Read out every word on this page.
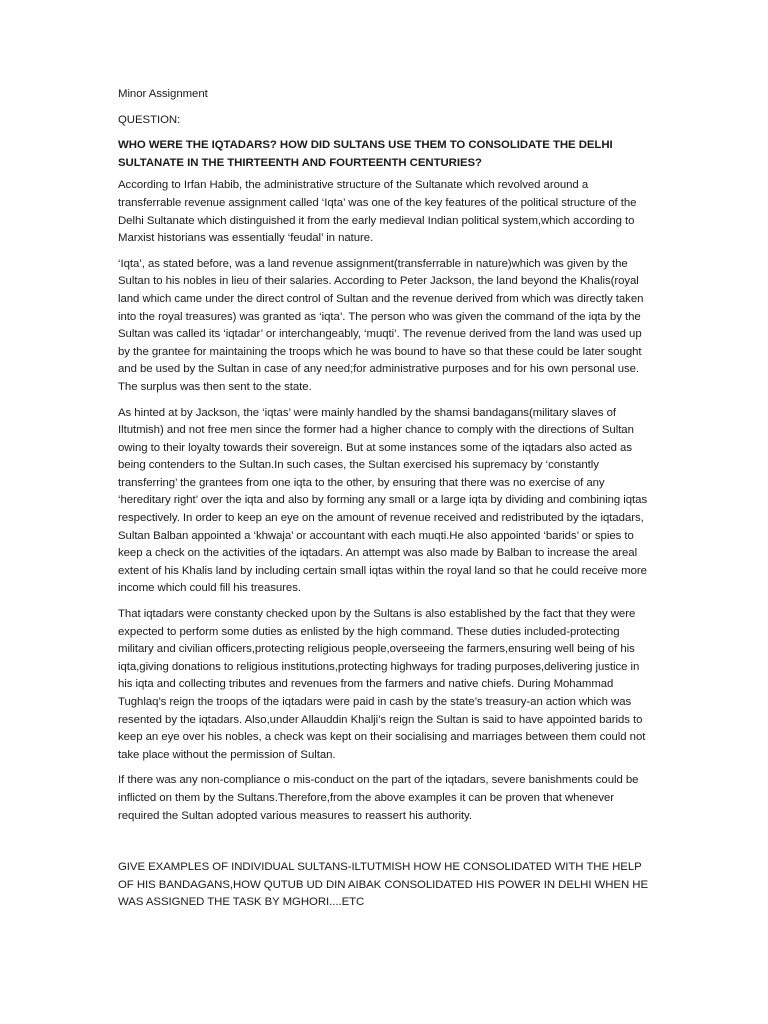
Minor Assignment

QUESTION:

WHO WERE THE IQTADARS? HOW DID SULTANS USE THEM TO CONSOLIDATE THE DELHI SULTANATE IN THE THIRTEENTH AND FOURTEENTH CENTURIES?

According to Irfan Habib, the administrative structure of the Sultanate which revolved around a transferrable revenue assignment called ‘Iqta’ was one of the key features of the political structure of the Delhi Sultanate which distinguished it from the early medieval Indian political system,which according to Marxist historians was essentially ‘feudal’ in nature.

‘Iqta’, as stated before, was a land revenue assignment(transferrable in nature)which was given by the Sultan to his nobles in lieu of their salaries. According to Peter Jackson, the land beyond the Khalis(royal land which came under the direct control of Sultan and the revenue derived from which was directly taken into the royal treasures) was granted as ‘iqta’. The person who was given the command of the iqta by the Sultan was called its ‘iqtadar’ or interchangeably, ‘muqti’. The revenue derived from the land was used up by the grantee for maintaining the troops which he was bound to have so that these could be later sought and be used by the Sultan in case of any need;for administrative purposes and for his own personal use. The surplus was then sent to the state.

As hinted at by Jackson, the ‘iqtas’ were mainly handled by the shamsi bandagans(military slaves of Iltutmish) and not free men since the former had a higher chance to comply with the directions of Sultan owing to their loyalty towards their sovereign. But at some instances some of the iqtadars also acted as being contenders to the Sultan.In such cases, the Sultan exercised his supremacy by ‘constantly transferring’ the grantees from one iqta to the other, by ensuring that there was no exercise of any ‘hereditary right’ over the iqta and also by forming any small or a large iqta by dividing and combining iqtas respectively. In order to keep an eye on the amount of revenue received and redistributed by the iqtadars, Sultan Balban appointed a ‘khwaja’ or accountant with each muqti.He also appointed ‘barids’ or spies to keep a check on the activities of the iqtadars. An attempt was also made by Balban to increase the areal extent of his Khalis land by including certain small iqtas within the royal land so that he could receive more income which could fill his treasures.

That iqtadars were constanty checked upon by the Sultans is also established by the fact that they were expected to perform some duties as enlisted by the high command. These duties included-protecting military and civilian officers,protecting religious people,overseeing the farmers,ensuring well being of his iqta,giving donations to religious institutions,protecting highways for trading purposes,delivering justice in his iqta and collecting tributes and revenues from the farmers and native chiefs. During Mohammad Tughlaq’s reign the troops of the iqtadars were paid in cash by the state’s treasury-an action which was resented by the iqtadars. Also,under Allauddin Khalji’s reign the Sultan is said to have appointed barids to keep an eye over his nobles, a check was kept on their socialising and marriages between them could not take place without the permission of Sultan.

If there was any non-compliance o mis-conduct on the part of the iqtadars, severe banishments could be inflicted on them by the Sultans.Therefore,from the above examples it can be proven that whenever required the Sultan adopted various measures to reassert his authority.

GIVE EXAMPLES OF INDIVIDUAL SULTANS-ILTUTMISH HOW HE CONSOLIDATED WITH THE HELP OF HIS BANDAGANS,HOW QUTUB UD DIN AIBAK CONSOLIDATED HIS POWER IN DELHI WHEN HE WAS ASSIGNED THE TASK BY MGHORI....ETC
